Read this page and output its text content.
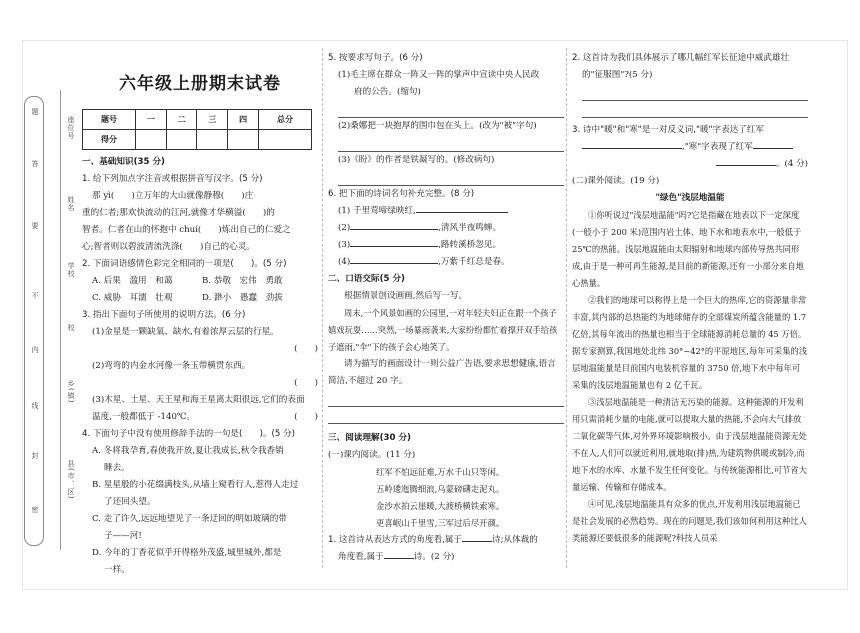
题
答
要
不
内
线
封
密
座位号
姓名
学校
校
乡(镇)
县(市、区)
六年级上册期末试卷
题号	一	二	三	四	总分
得分					
一、基础知识(35 分)
1. 给下列加点字注音或根据拼音写汉字。(5 分)
那 yì(　　)立万年的大山就像静穆(　　)庄
重的仁者;那欢快流动的江河,就像才华横溢(　　)的
智者。仁者在山的怀抱中 chuí(　　)炼出自己的仁爱之
心;智者则以碧波清流洗涤(　　)自己的心灵。
2. 下面词语感情色彩完全相同的一项是(　　)。(5 分)
A. 后果　滥用　和蔼	B. 恭敬　宏伟　勇敢
C. 威胁　耳濡　壮观	D. 渺小　愚蠢　劲拔
3. 指出下面句子所使用的说明方法。(6 分)
(1)金星是一颗缺氧、缺水,有着浓厚云层的行星。
(　　)
(2)弯弯的内金水河像一条玉带横贯东西。
(　　)
(3)木星、土星、天王星和海王星离太阳很远,它们的表面
温度,一般都低于 -140℃。	(　　)
4. 下面句子中没有使用修辞手法的一句是(　　)。(5 分)
A. 冬将我孕育,春使我开放,夏让我成长,秋令我香销
睡去。
B. 星星般的小花缀满枝头,从墙上窥看行人,惹得人走过
了还回头望。
C. 走了许久,远远地望见了一条迂回的明如玻璃的带
子——河!
D. 今年的丁香花似乎开得格外茂盛,城里城外,都是
一样。
5. 按要求写句子。(6 分)
(1)毛主席在群众一阵又一阵的掌声中宣读中央人民政
府的公告。(缩句)
(2)桑娜把一块抱厚的围巾包在头上。(改为"被"字句)
(3)《盼》的作者是铁凝写的。(修改病句)
6. 把下面的诗词名句补充完整。(8 分)
(1) 千里莺啼绿映红,
(2)	,清风半夜鸣蝉。
(3)	,路转溪桥忽见。
(4)	,万紫千红总是春。
二、口语交际(5 分)
根据情景创设画画,然后写一写。
周末,一个风景如画的公园里,一对年轻夫妇正在跟一个孩子嬉戏玩耍……突然,一场暴雨袭来,大家纷纷都忙着撑开双手给孩子遮雨,"伞"下的孩子会心地笑了。
请为描写的画面设计一则公益广告语,要求思想健康,语言简洁,不超过 20 字。
三、阅读理解(30 分)
(一)课内阅读。(11 分)
红军不怕远征难,万水千山只等闲。
五岭逶迤腾细浪,乌蒙磅礴走泥丸。
金沙水拍云崖暖,大渡桥横铁索寒。
更喜岷山千里雪,三军过后尽开颜。
1. 这首诗从表达方式的角度看,属于	诗;从体裁的
角度看,属于	诗。(2 分)
2. 这首诗为我们具体展示了哪几幅红军长征途中威武雄壮
的"征服图"?(5 分)
3. 诗中"暖"和"寒"是一对反义词,"暖"字表达了红军
,"寒"字表现了红军
。(4 分)
(二)课外阅读。(19 分)
"绿色"浅层地温能
①你听说过"浅层地温能"吗?它是指藏在地表以下一定深度(一般小于 200 米)范围内岩土体、地下水和地表水中,一般低于 25℃的热能。浅层地温能由太阳辐射和地球内部传导热共同形成,由于是一种可再生能源,是目前的新能源,还有一小部分来自地心热量。
②我们的地球可以称得上是一个巨大的热库,它的资源量非常丰富,其内部的总热能约为地球储存的全部煤炭所蕴含能量的 1.7 亿倍,其每年流出的热量也相当于全球能源消耗总量的 45 万倍。据专家测算,我国地处北纬 30°~42°的平原地区,每年可采集的浅层地温能量是目前国内电装机容量的 3750 倍,地下水中每年可采集的浅层地温能量也有 2 亿千瓦。
③浅层地温能是一种清洁无污染的能源。这种能源的开发利用只需消耗少量的电能,就可以提取大量的热能,不会向大气排放二氧化碳等气体,对外界环境影响极小。由于浅层地温能资源无处不在人,人们可以就近利用,就地取(排)热,为建筑物供暖或制冷,而地下水的水库、水量不发生任何变化。与传统能源相比,可节省大量运输、传输和存储成本。
④可见,浅层地温能具有众多的优点,开发利用浅层地温能已是社会发展的必然趋势。现在的问题是,我们该如何利用这种比人类能源还要低很多的能源呢?科技人员采
